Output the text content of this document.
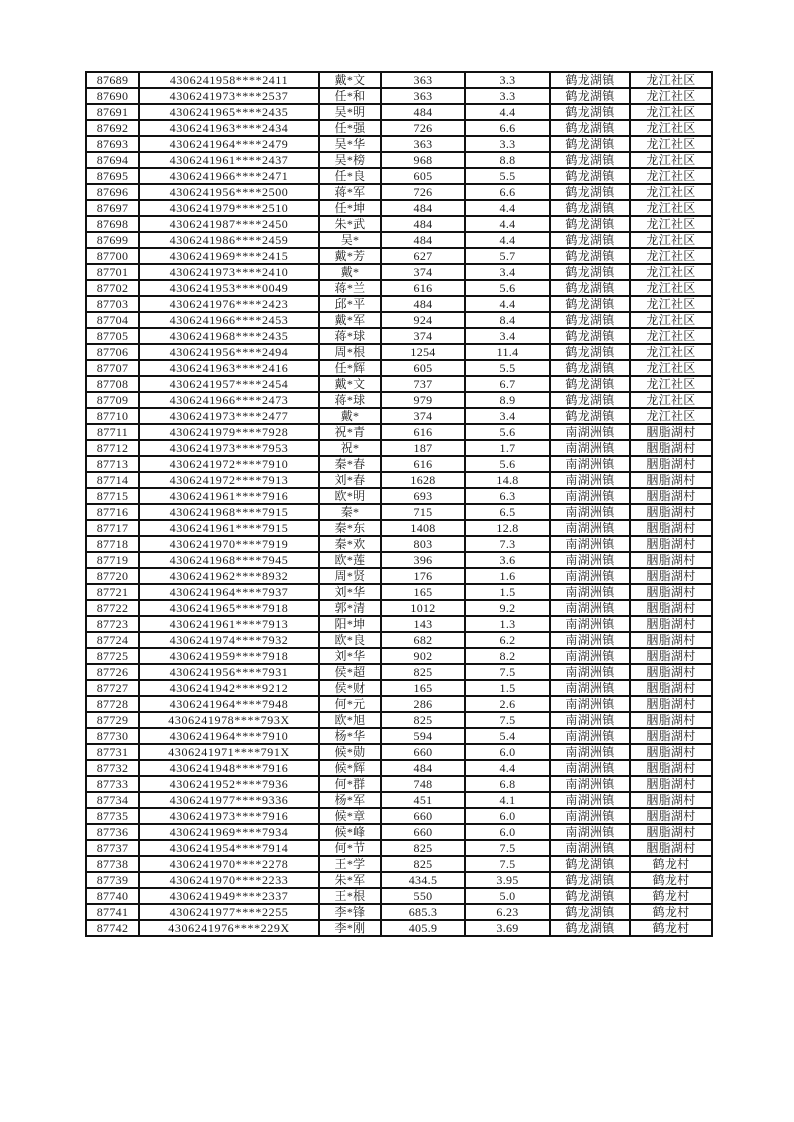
87689	4306241958****2411	戴*文	363	3.3	鹤龙湖镇	龙江社区
87690	4306241973****2537	任*和	363	3.3	鹤龙湖镇	龙江社区
87691	4306241965****2435	吴*明	484	4.4	鹤龙湖镇	龙江社区
87692	4306241963****2434	任*强	726	6.6	鹤龙湖镇	龙江社区
87693	4306241964****2479	吴*华	363	3.3	鹤龙湖镇	龙江社区
87694	4306241961****2437	吴*榜	968	8.8	鹤龙湖镇	龙江社区
87695	4306241966****2471	任*良	605	5.5	鹤龙湖镇	龙江社区
87696	4306241956****2500	蒋*军	726	6.6	鹤龙湖镇	龙江社区
87697	4306241979****2510	任*坤	484	4.4	鹤龙湖镇	龙江社区
87698	4306241987****2450	朱*武	484	4.4	鹤龙湖镇	龙江社区
87699	4306241986****2459	吴*	484	4.4	鹤龙湖镇	龙江社区
87700	4306241969****2415	戴*芳	627	5.7	鹤龙湖镇	龙江社区
87701	4306241973****2410	戴*	374	3.4	鹤龙湖镇	龙江社区
87702	4306241953****0049	蒋*兰	616	5.6	鹤龙湖镇	龙江社区
87703	4306241976****2423	邱*平	484	4.4	鹤龙湖镇	龙江社区
87704	4306241966****2453	戴*军	924	8.4	鹤龙湖镇	龙江社区
87705	4306241968****2435	蒋*球	374	3.4	鹤龙湖镇	龙江社区
87706	4306241956****2494	周*根	1254	11.4	鹤龙湖镇	龙江社区
87707	4306241963****2416	任*辉	605	5.5	鹤龙湖镇	龙江社区
87708	4306241957****2454	戴*文	737	6.7	鹤龙湖镇	龙江社区
87709	4306241966****2473	蒋*球	979	8.9	鹤龙湖镇	龙江社区
87710	4306241973****2477	戴*	374	3.4	鹤龙湖镇	龙江社区
87711	4306241979****7928	祝*青	616	5.6	南湖洲镇	胭脂湖村
87712	4306241973****7953	祝*	187	1.7	南湖洲镇	胭脂湖村
87713	4306241972****7910	秦*春	616	5.6	南湖洲镇	胭脂湖村
87714	4306241972****7913	刘*春	1628	14.8	南湖洲镇	胭脂湖村
87715	4306241961****7916	欧*明	693	6.3	南湖洲镇	胭脂湖村
87716	4306241968****7915	秦*	715	6.5	南湖洲镇	胭脂湖村
87717	4306241961****7915	秦*东	1408	12.8	南湖洲镇	胭脂湖村
87718	4306241970****7919	秦*欢	803	7.3	南湖洲镇	胭脂湖村
87719	4306241968****7945	欧*莲	396	3.6	南湖洲镇	胭脂湖村
87720	4306241962****8932	周*贤	176	1.6	南湖洲镇	胭脂湖村
87721	4306241964****7937	刘*华	165	1.5	南湖洲镇	胭脂湖村
87722	4306241965****7918	郭*清	1012	9.2	南湖洲镇	胭脂湖村
87723	4306241961****7913	阳*坤	143	1.3	南湖洲镇	胭脂湖村
87724	4306241974****7932	欧*良	682	6.2	南湖洲镇	胭脂湖村
87725	4306241959****7918	刘*华	902	8.2	南湖洲镇	胭脂湖村
87726	4306241956****7931	侯*超	825	7.5	南湖洲镇	胭脂湖村
87727	4306241942****9212	侯*财	165	1.5	南湖洲镇	胭脂湖村
87728	4306241964****7948	何*元	286	2.6	南湖洲镇	胭脂湖村
87729	4306241978****793X	欧*旭	825	7.5	南湖洲镇	胭脂湖村
87730	4306241964****7910	杨*华	594	5.4	南湖洲镇	胭脂湖村
87731	4306241971****791X	候*勋	660	6.0	南湖洲镇	胭脂湖村
87732	4306241948****7916	候*辉	484	4.4	南湖洲镇	胭脂湖村
87733	4306241952****7936	何*群	748	6.8	南湖洲镇	胭脂湖村
87734	4306241977****9336	杨*军	451	4.1	南湖洲镇	胭脂湖村
87735	4306241973****7916	候*章	660	6.0	南湖洲镇	胭脂湖村
87736	4306241969****7934	候*峰	660	6.0	南湖洲镇	胭脂湖村
87737	4306241954****7914	何*节	825	7.5	南湖洲镇	胭脂湖村
87738	4306241970****2278	王*学	825	7.5	鹤龙湖镇	鹤龙村
87739	4306241970****2233	朱*军	434.5	3.95	鹤龙湖镇	鹤龙村
87740	4306241949****2337	王*根	550	5.0	鹤龙湖镇	鹤龙村
87741	4306241977****2255	李*锋	685.3	6.23	鹤龙湖镇	鹤龙村
87742	4306241976****229X	李*刚	405.9	3.69	鹤龙湖镇	鹤龙村
